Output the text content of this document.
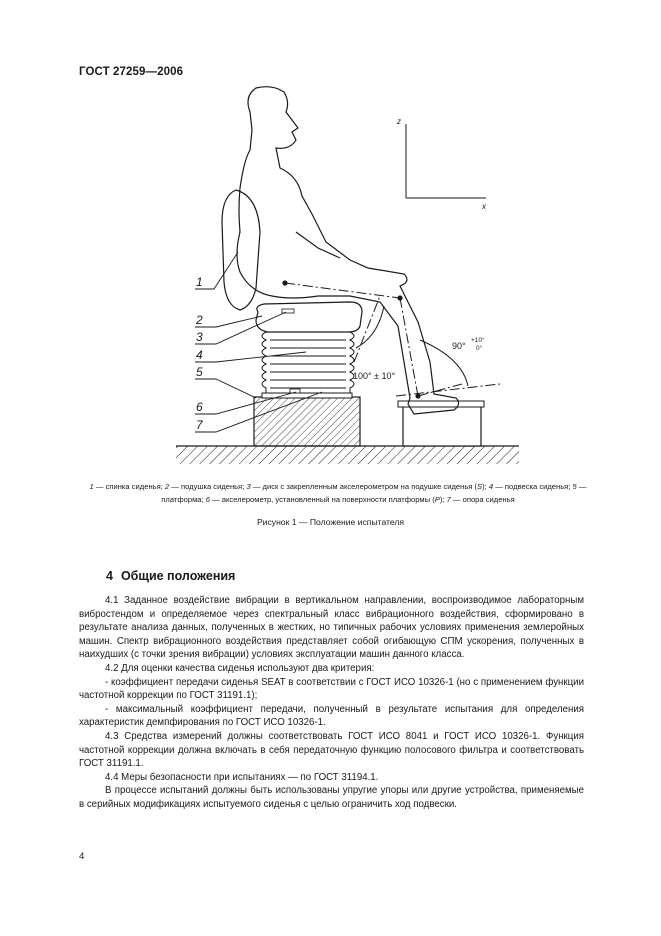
ГОСТ 27259—2006
z
x
1
2
3
4
5
6
7
90°
+10°
0°
100° ± 10°
1 — спинка сиденья; 2 — подушка сиденья; 3 — диск с закрепленным акселерометром на подушке сиденья (S); 4 — подвеска сиденья; 5 — платформа; 6 — акселерометр, установленный на поверхности платформы (P); 7 — опора сиденья
Рисунок 1 — Положение испытателя
4 Общие положения

4.1 Заданное воздействие вибрации в вертикальном направлении, воспроизводимое лабораторным вибростендом и определяемое через спектральный класс вибрационного воздействия, сформировано в результате анализа данных, полученных в жестких, но типичных рабочих условиях применения землеройных машин. Спектр вибрационного воздействия представляет собой огибающую СПМ ускорения, полученных в наихудших (с точки зрения вибрации) условиях эксплуатации машин данного класса.

4.2 Для оценки качества сиденья используют два критерия:

- коэффициент передачи сиденья SEAT в соответствии с ГОСТ ИСО 10326-1 (но с применением функции частотной коррекции по ГОСТ 31191.1);

- максимальный коэффициент передачи, полученный в результате испытания для определения характеристик демпфирования по ГОСТ ИСО 10326-1.

4.3 Средства измерений должны соответствовать ГОСТ ИСО 8041 и ГОСТ ИСО 10326-1. Функция частотной коррекции должна включать в себя передаточную функцию полосового фильтра и соответствовать ГОСТ 31191.1.

4.4 Меры безопасности при испытаниях — по ГОСТ 31194.1.

В процессе испытаний должны быть использованы упругие упоры или другие устройства, применяемые в серийных модификациях испытуемого сиденья с целью ограничить ход подвески.

4
